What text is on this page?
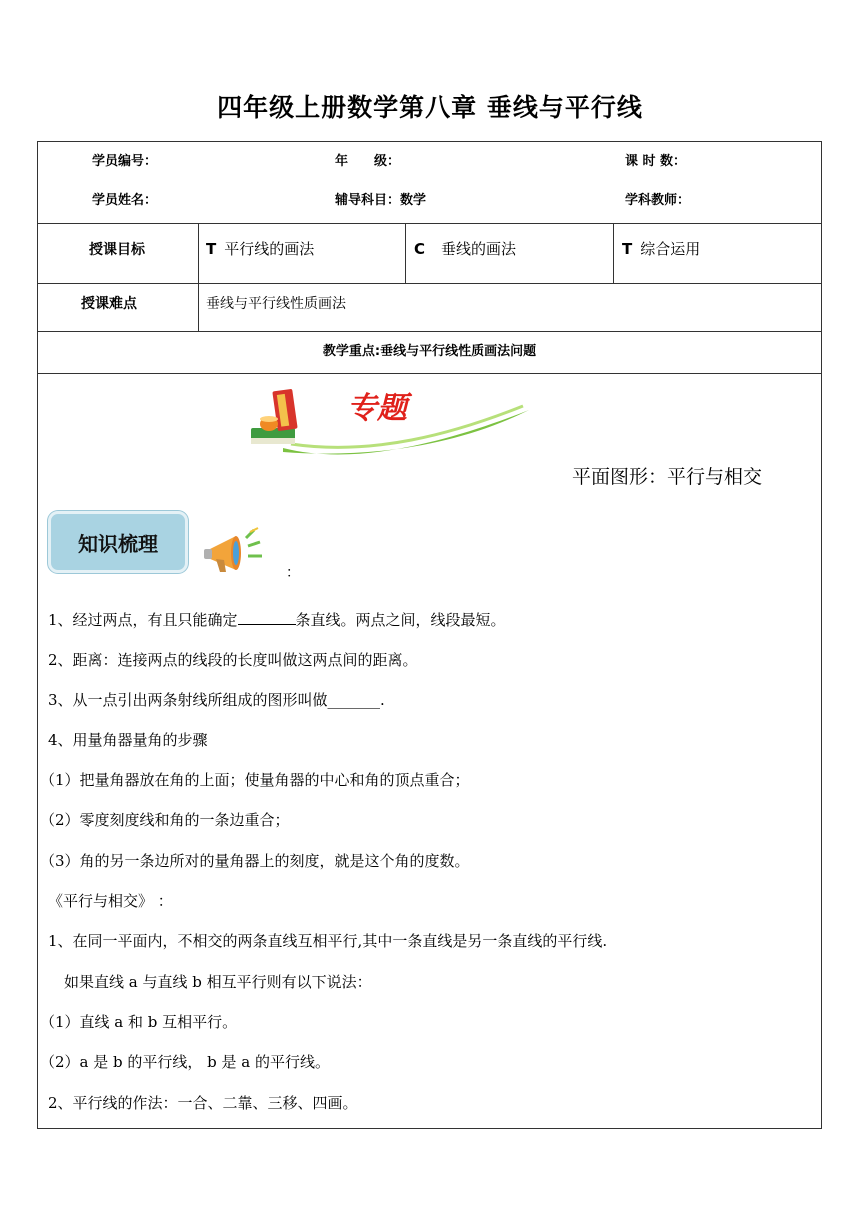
四年级上册数学第八章 垂线与平行线
学员编号：	年　　级：	课 时 数：
学员姓名：	辅导科目：数学	学科教师：
授课目标	T 平行线的画法	C 垂线的画法	T 综合运用
授课难点	垂线与平行线性质画法
教学重点:垂线与平行线性质画法问题
专题
平面图形：平行与相交
知识梳理
：
1、经过两点，有且只能确定	条直线。两点之间，线段最短。
2、距离：连接两点的线段的长度叫做这两点间的距离。
3、从一点引出两条射线所组成的图形叫做_______.
4、用量角器量角的步骤
（1）把量角器放在角的上面；使量角器的中心和角的顶点重合；
（2）零度刻度线和角的一条边重合；
（3）角的另一条边所对的量角器上的刻度，就是这个角的度数。
《平行与相交》 ：
1、在同一平面内，不相交的两条直线互相平行,其中一条直线是另一条直线的平行线.
如果直线 a 与直线 b 相互平行则有以下说法：
（1）直线 a 和 b 互相平行。
（2）a 是 b 的平行线， b 是 a 的平行线。
2、平行线的作法：一合、二靠、三移、四画。
